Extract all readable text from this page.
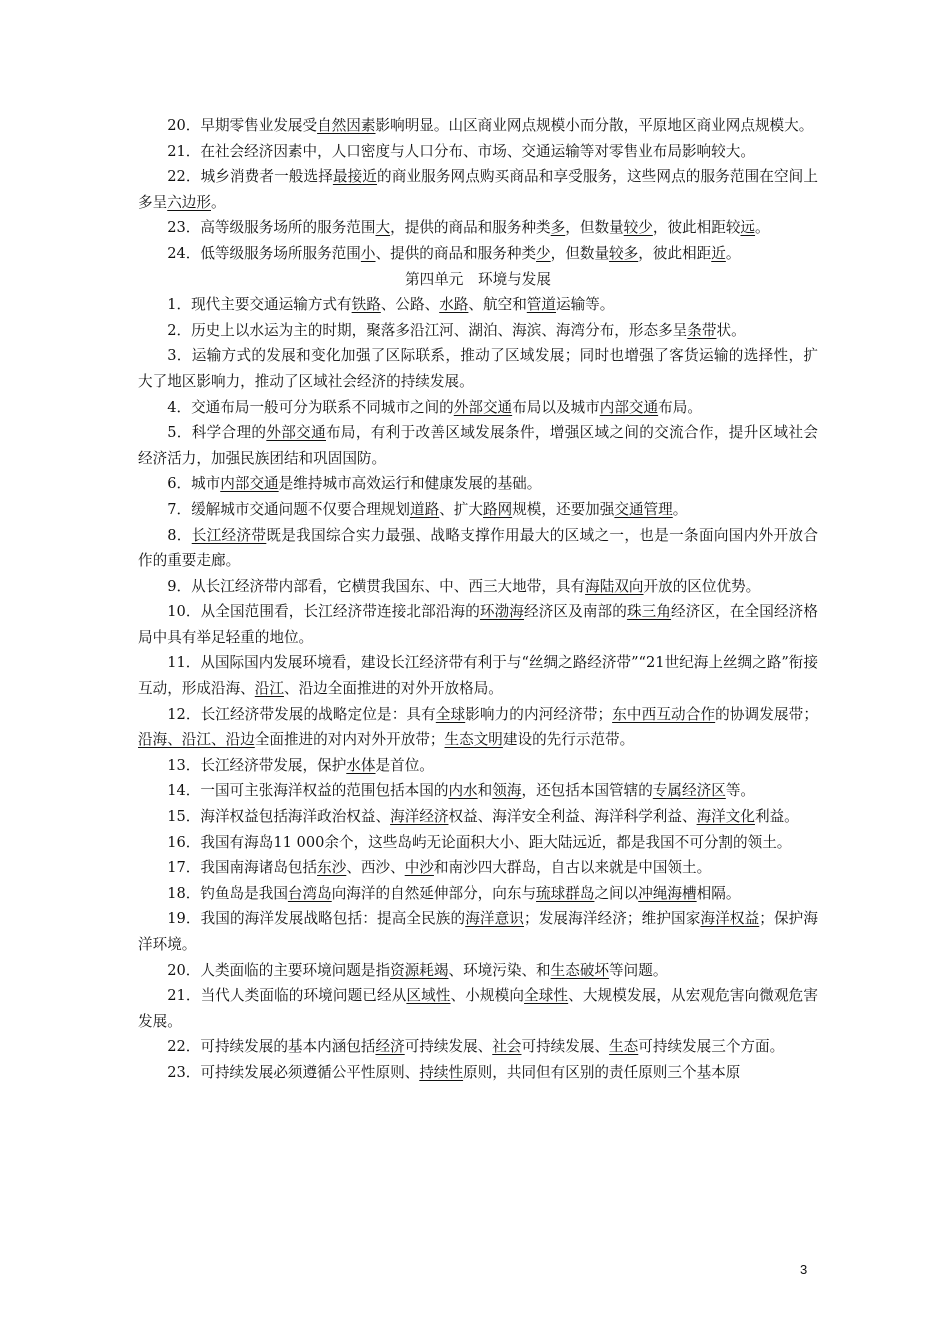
20．早期零售业发展受自然因素影响明显。山区商业网点规模小而分散，平原地区商业网点规模大。

21．在社会经济因素中，人口密度与人口分布、市场、交通运输等对零售业布局影响较大。

22．城乡消费者一般选择最接近的商业服务网点购买商品和享受服务，这些网点的服务范围在空间上多呈六边形。

23．高等级服务场所的服务范围大，提供的商品和服务种类多，但数量较少，彼此相距较远。

24．低等级服务场所服务范围小、提供的商品和服务种类少，但数量较多，彼此相距近。

第四单元　环境与发展

1．现代主要交通运输方式有铁路、公路、水路、航空和管道运输等。

2．历史上以水运为主的时期，聚落多沿江河、湖泊、海滨、海湾分布，形态多呈条带状。

3．运输方式的发展和变化加强了区际联系，推动了区域发展；同时也增强了客货运输的选择性，扩大了地区影响力，推动了区域社会经济的持续发展。

4．交通布局一般可分为联系不同城市之间的外部交通布局以及城市内部交通布局。

5．科学合理的外部交通布局，有利于改善区域发展条件，增强区域之间的交流合作，提升区域社会经济活力，加强民族团结和巩固国防。

6．城市内部交通是维持城市高效运行和健康发展的基础。

7．缓解城市交通问题不仅要合理规划道路、扩大路网规模，还要加强交通管理。

8．长江经济带既是我国综合实力最强、战略支撑作用最大的区域之一，也是一条面向国内外开放合作的重要走廊。

9．从长江经济带内部看，它横贯我国东、中、西三大地带，具有海陆双向开放的区位优势。

10．从全国范围看，长江经济带连接北部沿海的环渤海经济区及南部的珠三角经济区，在全国经济格局中具有举足轻重的地位。

11．从国际国内发展环境看，建设长江经济带有利于与“丝绸之路经济带”“21世纪海上丝绸之路”衔接互动，形成沿海、沿江、沿边全面推进的对外开放格局。

12．长江经济带发展的战略定位是：具有全球影响力的内河经济带；东中西互动合作的协调发展带；沿海、沿江、沿边全面推进的对内对外开放带；生态文明建设的先行示范带。

13．长江经济带发展，保护水体是首位。

14．一国可主张海洋权益的范围包括本国的内水和领海，还包括本国管辖的专属经济区等。

15．海洋权益包括海洋政治权益、海洋经济权益、海洋安全利益、海洋科学利益、海洋文化利益。

16．我国有海岛11 000余个，这些岛屿无论面积大小、距大陆远近，都是我国不可分割的领土。

17．我国南海诸岛包括东沙、西沙、中沙和南沙四大群岛，自古以来就是中国领土。

18．钓鱼岛是我国台湾岛向海洋的自然延伸部分，向东与琉球群岛之间以冲绳海槽相隔。

19．我国的海洋发展战略包括：提高全民族的海洋意识；发展海洋经济；维护国家海洋权益；保护海洋环境。

20．人类面临的主要环境问题是指资源耗竭、环境污染、和生态破坏等问题。

21．当代人类面临的环境问题已经从区域性、小规模向全球性、大规模发展，从宏观危害向微观危害发展。

22．可持续发展的基本内涵包括经济可持续发展、社会可持续发展、生态可持续发展三个方面。

23．可持续发展必须遵循公平性原则、持续性原则，共同但有区别的责任原则三个基本原

3
